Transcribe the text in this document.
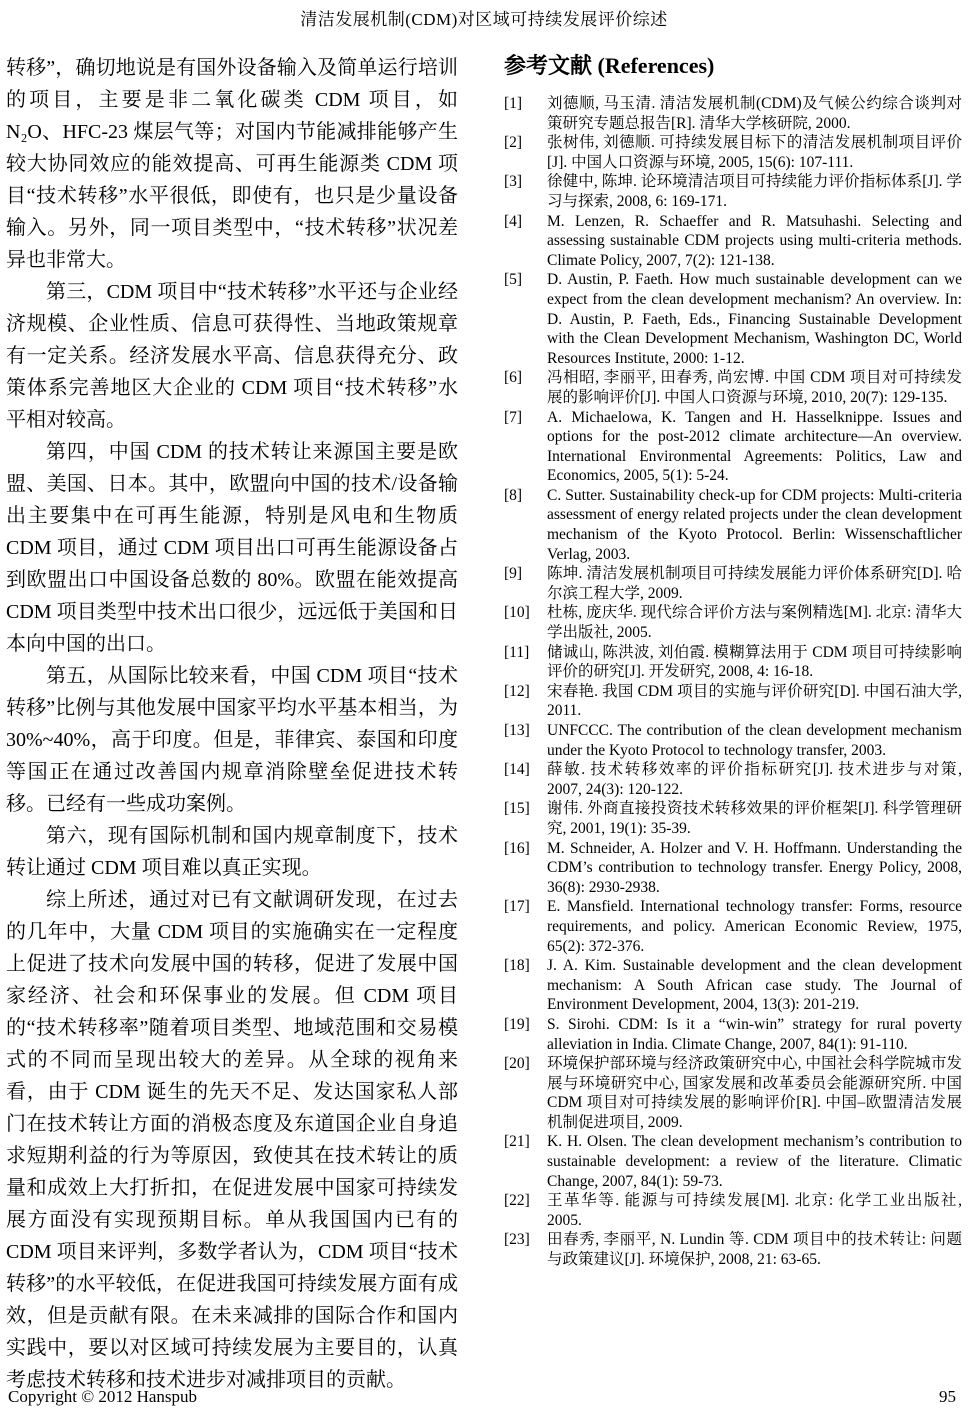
清洁发展机制(CDM)对区域可持续发展评价综述

转移”，确切地说是有国外设备输入及简单运行培训的项目，主要是非二氧化碳类 CDM 项目，如 N₂O、HFC-23 煤层气等；对国内节能减排能够产生较大协同效应的能效提高、可再生能源类 CDM 项目“技术转移”水平很低，即使有，也只是少量设备输入。另外，同一项目类型中，“技术转移”状况差异也非常大。

第三，CDM 项目中“技术转移”水平还与企业经济规模、企业性质、信息可获得性、当地政策规章有一定关系。经济发展水平高、信息获得充分、政策体系完善地区大企业的 CDM 项目“技术转移”水平相对较高。

第四，中国 CDM 的技术转让来源国主要是欧盟、美国、日本。其中，欧盟向中国的技术/设备输出主要集中在可再生能源，特别是风电和生物质 CDM 项目，通过 CDM 项目出口可再生能源设备占到欧盟出口中国设备总数的 80%。欧盟在能效提高 CDM 项目类型中技术出口很少，远远低于美国和日本向中国的出口。

第五，从国际比较来看，中国 CDM 项目“技术转移”比例与其他发展中国家平均水平基本相当，为 30%~40%，高于印度。但是，菲律宾、泰国和印度等国正在通过改善国内规章消除壁垒促进技术转移。已经有一些成功案例。

第六，现有国际机制和国内规章制度下，技术转让通过 CDM 项目难以真正实现。

综上所述，通过对已有文献调研发现，在过去的几年中，大量 CDM 项目的实施确实在一定程度上促进了技术向发展中国的转移，促进了发展中国家经济、社会和环保事业的发展。但 CDM 项目的“技术转移率”随着项目类型、地域范围和交易模式的不同而呈现出较大的差异。从全球的视角来看，由于 CDM 诞生的先天不足、发达国家私人部门在技术转让方面的消极态度及东道国企业自身追求短期利益的行为等原因，致使其在技术转让的质量和成效上大打折扣，在促进发展中国家可持续发展方面没有实现预期目标。单从我国国内已有的 CDM 项目来评判，多数学者认为，CDM 项目“技术转移”的水平较低，在促进我国可持续发展方面有成效，但是贡献有限。在未来减排的国际合作和国内实践中，要以对区域可持续发展为主要目的，认真考虑技术转移和技术进步对减排项目的贡献。

参考文献 (References)
[1]	刘德顺, 马玉清. 清洁发展机制(CDM)及气候公约综合谈判对策研究专题总报告[R]. 清华大学核研院, 2000.
[2]	张树伟, 刘德顺. 可持续发展目标下的清洁发展机制项目评价[J]. 中国人口资源与环境, 2005, 15(6): 107-111.
[3]	徐健中, 陈坤. 论环境清洁项目可持续能力评价指标体系[J]. 学习与探索, 2008, 6: 169-171.
[4]	M. Lenzen, R. Schaeffer and R. Matsuhashi. Selecting and assessing sustainable CDM projects using multi-criteria methods. Climate Policy, 2007, 7(2): 121-138.
[5]	D. Austin, P. Faeth. How much sustainable development can we expect from the clean development mechanism? An overview. In: D. Austin, P. Faeth, Eds., Financing Sustainable Development with the Clean Development Mechanism, Washington DC, World Resources Institute, 2000: 1-12.
[6]	冯相昭, 李丽平, 田春秀, 尚宏博. 中国 CDM 项目对可持续发展的影响评价[J]. 中国人口资源与环境, 2010, 20(7): 129-135.
[7]	A. Michaelowa, K. Tangen and H. Hasselknippe. Issues and options for the post-2012 climate architecture—An overview. International Environmental Agreements: Politics, Law and Economics, 2005, 5(1): 5-24.
[8]	C. Sutter. Sustainability check-up for CDM projects: Multi-criteria assessment of energy related projects under the clean development mechanism of the Kyoto Protocol. Berlin: Wissenschaftlicher Verlag, 2003.
[9]	陈坤. 清洁发展机制项目可持续发展能力评价体系研究[D]. 哈尔滨工程大学, 2009.
[10]	杜栋, 庞庆华. 现代综合评价方法与案例精选[M]. 北京: 清华大学出版社, 2005.
[11]	储诚山, 陈洪波, 刘伯霞. 模糊算法用于 CDM 项目可持续影响评价的研究[J]. 开发研究, 2008, 4: 16-18.
[12]	宋春艳. 我国 CDM 项目的实施与评价研究[D]. 中国石油大学, 2011.
[13]	UNFCCC. The contribution of the clean development mechanism under the Kyoto Protocol to technology transfer, 2003.
[14]	薛敏. 技术转移效率的评价指标研究[J]. 技术进步与对策, 2007, 24(3): 120-122.
[15]	谢伟. 外商直接投资技术转移效果的评价框架[J]. 科学管理研究, 2001, 19(1): 35-39.
[16]	M. Schneider, A. Holzer and V. H. Hoffmann. Understanding the CDM’s contribution to technology transfer. Energy Policy, 2008, 36(8): 2930-2938.
[17]	E. Mansfield. International technology transfer: Forms, resource requirements, and policy. American Economic Review, 1975, 65(2): 372-376.
[18]	J. A. Kim. Sustainable development and the clean development mechanism: A South African case study. The Journal of Environment Development, 2004, 13(3): 201-219.
[19]	S. Sirohi. CDM: Is it a “win-win” strategy for rural poverty alleviation in India. Climate Change, 2007, 84(1): 91-110.
[20]	环境保护部环境与经济政策研究中心, 中国社会科学院城市发展与环境研究中心, 国家发展和改革委员会能源研究所. 中国 CDM 项目对可持续发展的影响评价[R]. 中国–欧盟清洁发展机制促进项目, 2009.
[21]	K. H. Olsen. The clean development mechanism’s contribution to sustainable development: a review of the literature. Climatic Change, 2007, 84(1): 59-73.
[22]	王革华等. 能源与可持续发展[M]. 北京: 化学工业出版社, 2005.
[23]	田春秀, 李丽平, N. Lundin 等. CDM 项目中的技术转让: 问题与政策建议[J]. 环境保护, 2008, 21: 63-65.
Copyright © 2012 Hanspub	95
